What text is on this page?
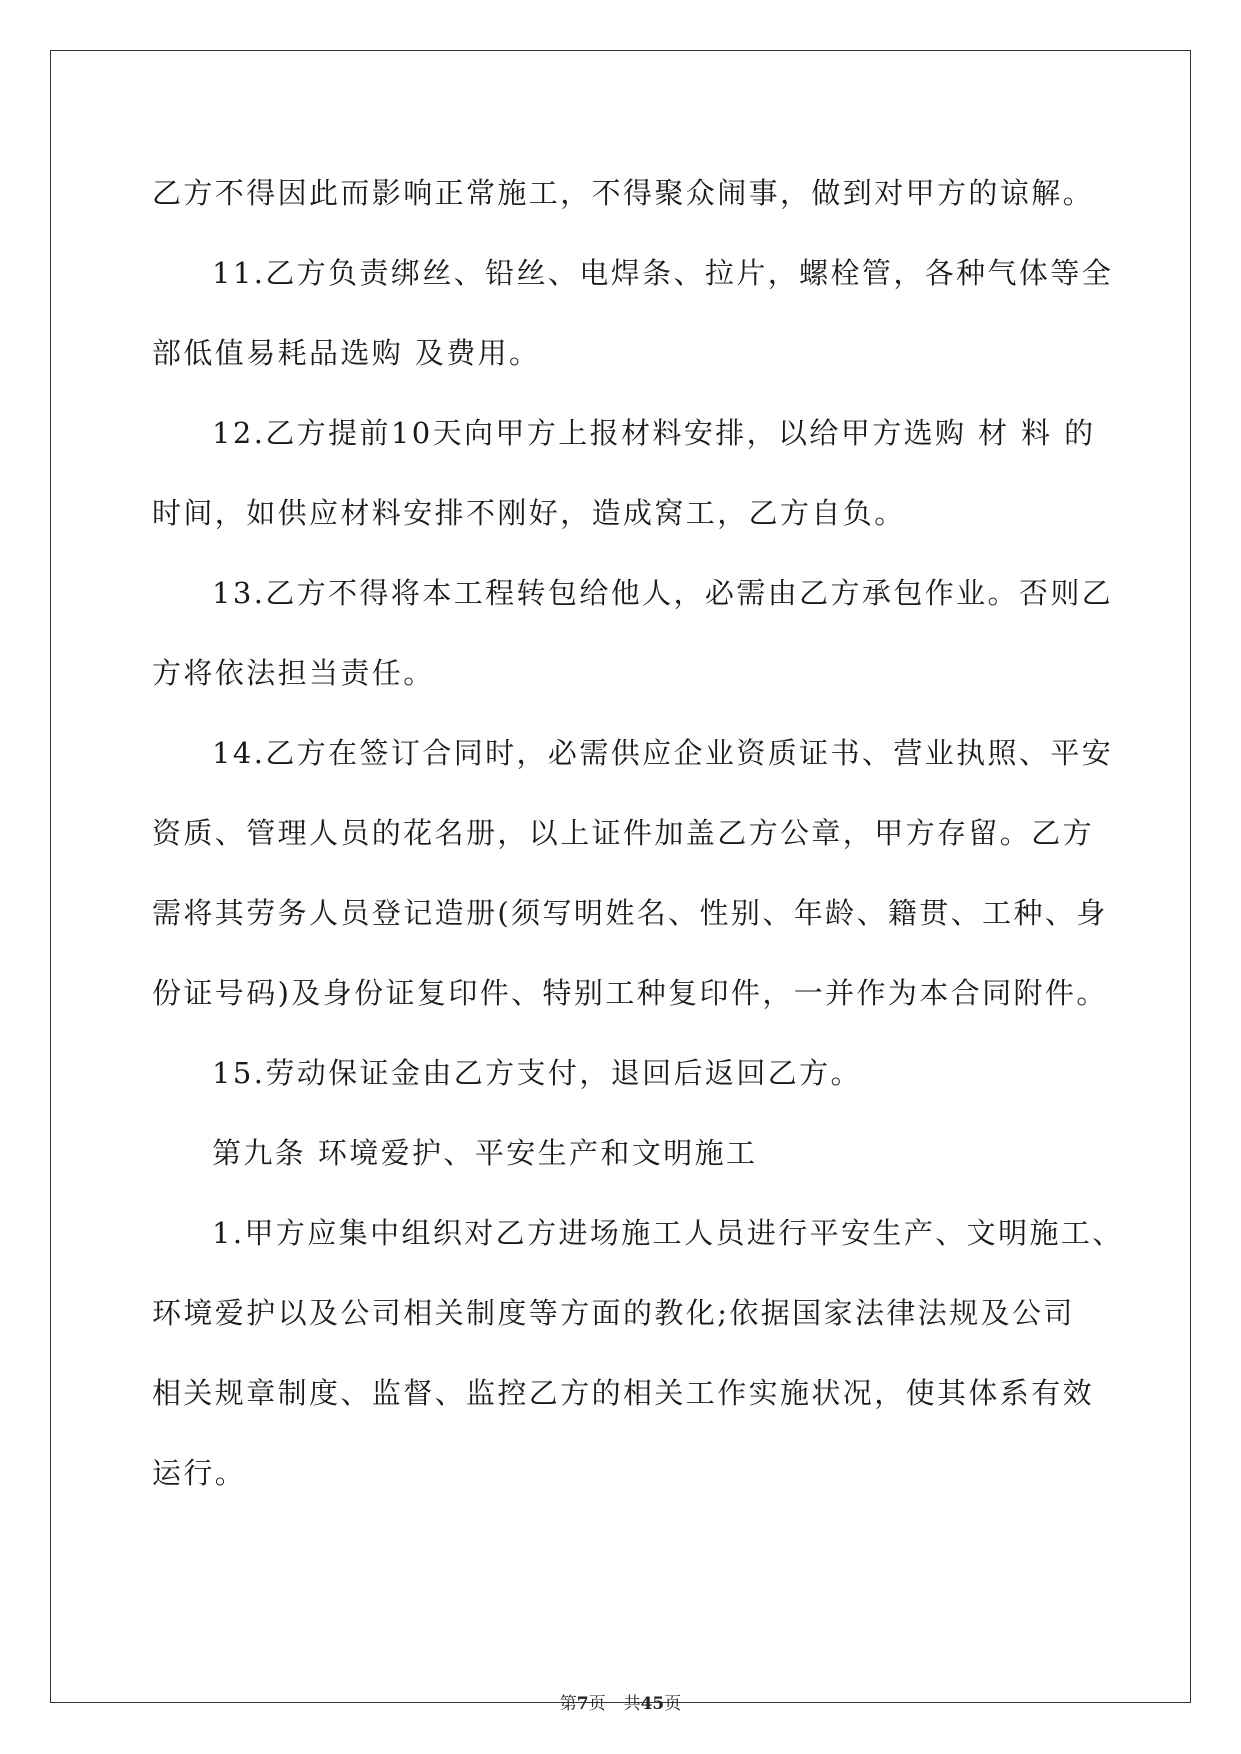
乙方不得因此而影响正常施工，不得聚众闹事，做到对甲方的谅解。
11.乙方负责绑丝、铅丝、电焊条、拉片，螺栓管，各种气体等全
部低值易耗品选购 及费用。
12.乙方提前10天向甲方上报材料安排，以给甲方选购 材 料 的
时间，如供应材料安排不刚好，造成窝工，乙方自负。
13.乙方不得将本工程转包给他人，必需由乙方承包作业。否则乙
方将依法担当责任。
14.乙方在签订合同时，必需供应企业资质证书、营业执照、平安
资质、管理人员的花名册，以上证件加盖乙方公章，甲方存留。乙方
需将其劳务人员登记造册(须写明姓名、性别、年龄、籍贯、工种、身
份证号码)及身份证复印件、特别工种复印件，一并作为本合同附件。
15.劳动保证金由乙方支付，退回后返回乙方。
第九条 环境爱护、平安生产和文明施工
1.甲方应集中组织对乙方进场施工人员进行平安生产、文明施工、
环境爱护以及公司相关制度等方面的教化;依据国家法律法规及公司
相关规章制度、监督、监控乙方的相关工作实施状况，使其体系有效
运行。
第7页 共45页
